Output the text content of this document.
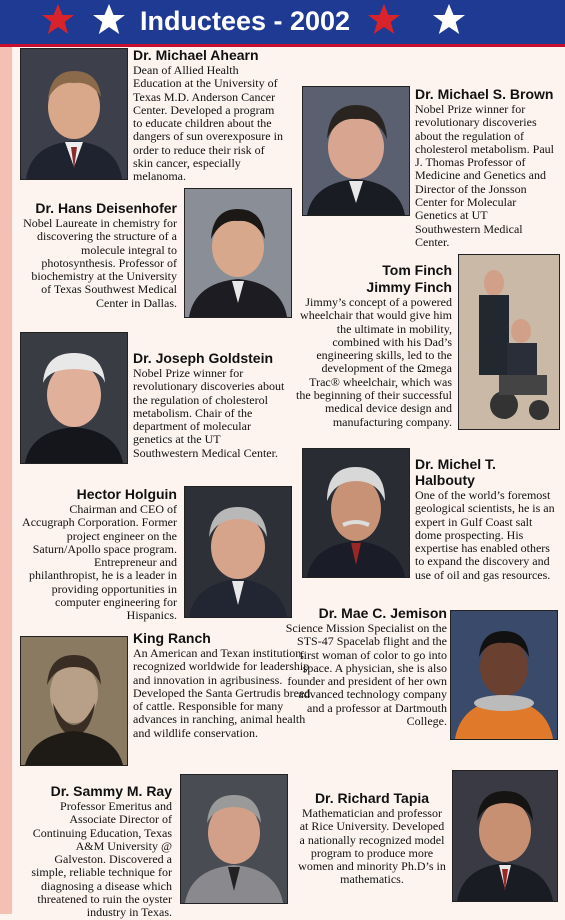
Inductees - 2002

Dr. Michael Ahearn

Dean of Allied Health Education at the University of Texas M.D. Anderson Cancer Center. Developed a program to educate children about the dangers of sun overexposure in order to reduce their risk of skin cancer, especially melanoma.

Dr. Michael S. Brown

Nobel Prize winner for revolutionary discoveries about the regulation of cholesterol metabolism. Paul J. Thomas Professor of Medicine and Genetics and Director of the Jonsson Center for Molecular Genetics at UT Southwestern Medical Center.

Dr. Hans Deisenhofer

Nobel Laureate in chemistry for discovering the structure of a molecule integral to photosynthesis. Professor of biochemistry at the University of Texas Southwest Medical Center in Dallas.

Tom Finch

Jimmy Finch

Jimmy’s concept of a powered wheelchair that would give him the ultimate in mobility, combined with his Dad’s engineering skills, led to the development of the Ωmega Trac® wheelchair, which was the beginning of their successful medical device design and manufacturing company.

Dr. Joseph Goldstein

Nobel Prize winner for revolutionary discoveries about the regulation of cholesterol metabolism. Chair of the department of molecular genetics at the UT Southwestern Medical Center.

Dr. Michel T. Halbouty

One of the world’s foremost geological scientists, he is an expert in Gulf Coast salt dome prospecting. His expertise has enabled others to expand the discovery and use of oil and gas resources.

Hector Holguin

Chairman and CEO of Accugraph Corporation. Former project engineer on the Saturn/Apollo space program. Entrepreneur and philanthropist, he is a leader in providing opportunities in computer engineering for Hispanics.	Dr. Mae C. Jemison

Science Mission Specialist on the STS-47 Spacelab flight and the first woman of color to go into space. A physician, she is also founder and president of her own advanced technology company and a professor at Dartmouth College.

King Ranch

An American and Texan institution, recognized worldwide for leadership and innovation in agribusiness. Developed the Santa Gertrudis breed of cattle. Responsible for many advances in ranching, animal health and wildlife conservation.

Dr. Sammy M. Ray

Professor Emeritus and Associate Director of Continuing Education, Texas A&M University @ Galveston. Discovered a simple, reliable technique for diagnosing a disease which threatened to ruin the oyster industry in Texas.

Dr. Richard Tapia

Mathematician and professor at Rice University. Developed a nationally recognized model program to produce more women and minority Ph.D’s in mathematics.
